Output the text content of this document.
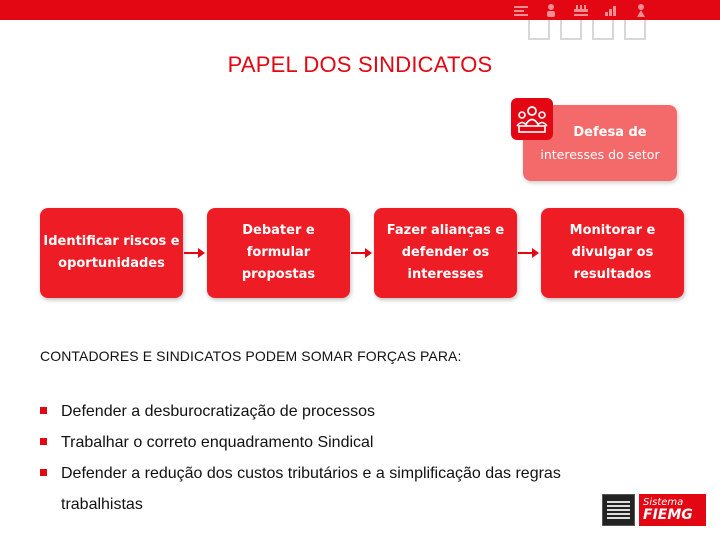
PAPEL DOS SINDICATOS
Defesa de
interesses do setor
Identificar riscos e
oportunidades
Debater e
formular
propostas
Fazer alianças e
defender os
interesses
Monitorar e
divulgar os
resultados
CONTADORES E SINDICATOS PODEM SOMAR FORÇAS PARA:
Defender a desburocratização de processos
Trabalhar o correto enquadramento Sindical
Defender a redução dos custos tributários e a simplificação das regras
trabalhistas	Sistema
FIEMG
